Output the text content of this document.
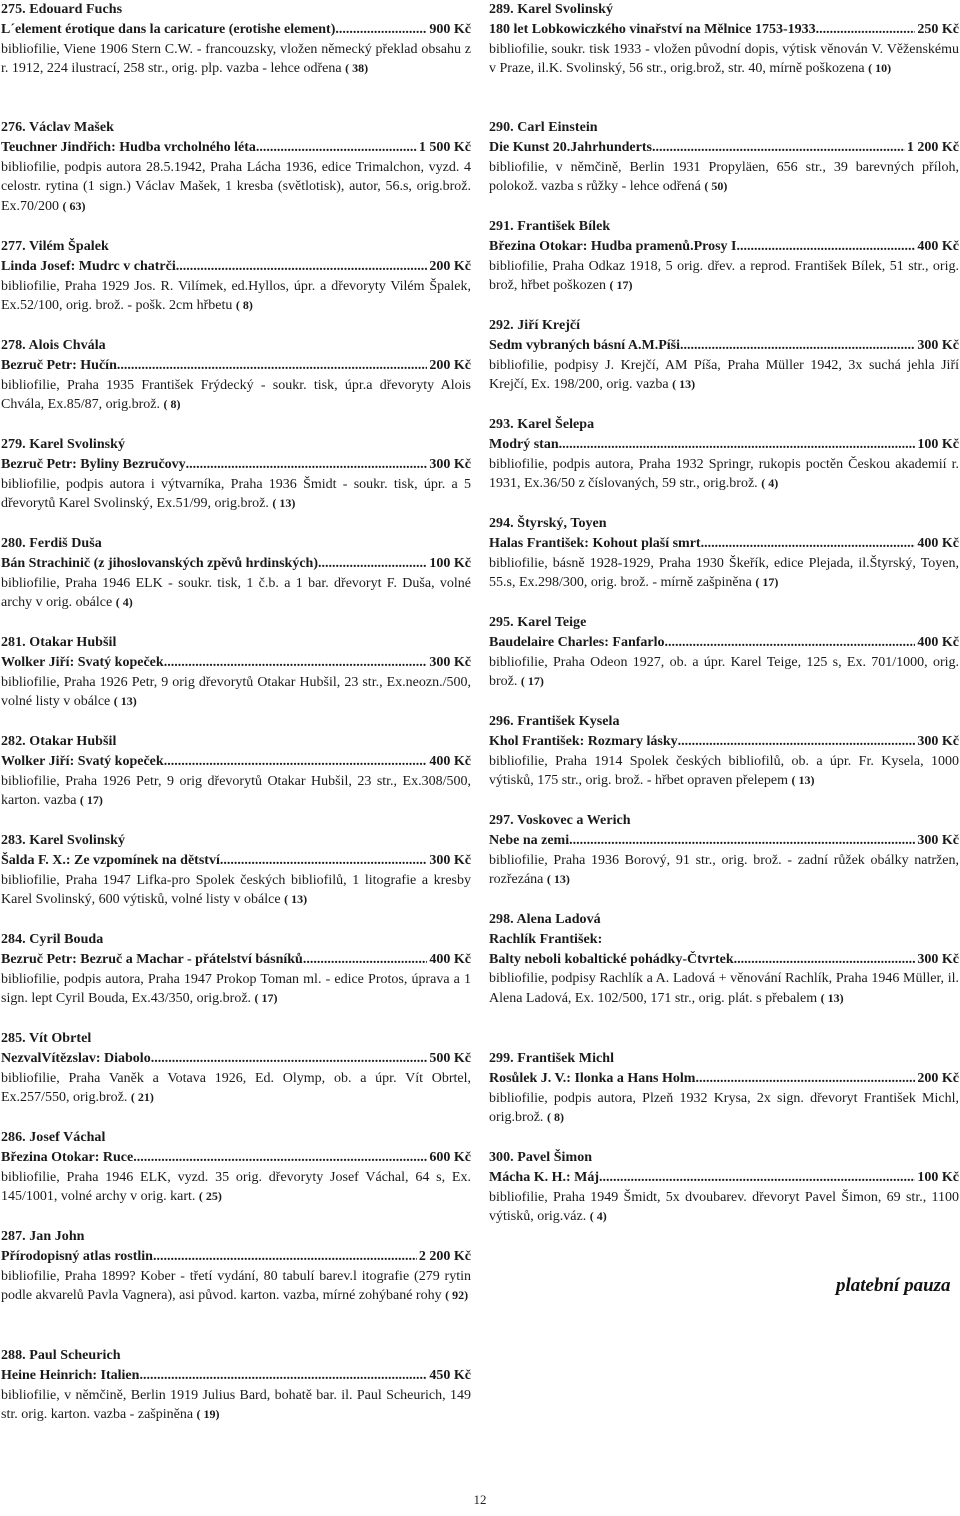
275. Edouard Fuchs
L´element érotique dans la caricature (erotishe element) .....	900 Kč
bibliofilie, Viene 1906 Stern C.W. - francouzsky, vložen německý překlad obsahu z r. 1912, 224 ilustrací, 258 str., orig. plp. vazba - lehce odřena ( 38 )
276. Václav Mašek
Teuchner Jindřich: Hudba vrcholného léta .....	1 500 Kč
bibliofilie, podpis autora 28.5.1942, Praha Lácha 1936, edice Trimalchon, vyzd. 4 celostr. rytina (1 sign.) Václav Mašek, 1 kresba (světlotisk), autor, 56.s, orig.brož. Ex.70/200 ( 63 )
277. Vilém Špalek
Linda Josef: Mudrc v chatrči .....	200 Kč
bibliofilie, Praha 1929 Jos. R. Vilímek, ed.Hyllos, úpr. a dřevoryty Vilém Špalek, Ex.52/100, orig. brož. - pošk. 2cm hřbetu ( 8 )
278. Alois Chvála
Bezruč Petr: Hučín .....	200 Kč
bibliofilie, Praha 1935 František Frýdecký - soukr. tisk, úpr.a dřevoryty Alois Chvála, Ex.85/87, orig.brož. ( 8 )
279. Karel Svolinský
Bezruč Petr: Byliny Bezručovy .....	300 Kč
bibliofilie, podpis autora i výtvarníka, Praha 1936 Šmidt - soukr. tisk, úpr. a 5 dřevorytů Karel Svolinský, Ex.51/99, orig.brož. ( 13 )
280. Ferdiš Duša
Bán Strachinič (z jihoslovanských zpěvů hrdinských) .....	100 Kč
bibliofilie, Praha 1946 ELK - soukr. tisk, 1 č.b. a 1 bar. dřevoryt F. Duša, volné archy v orig. obálce ( 4 )
281. Otakar Hubšil
Wolker Jiří: Svatý kopeček .....	300 Kč
bibliofilie, Praha 1926 Petr, 9 orig dřevorytů Otakar Hubšil, 23 str., Ex.neozn./500, volné listy v obálce ( 13 )
282. Otakar Hubšil
Wolker Jiří: Svatý kopeček .....	400 Kč
bibliofilie, Praha 1926 Petr, 9 orig dřevorytů Otakar Hubšil, 23 str., Ex.308/500, karton. vazba ( 17 )
283. Karel Svolinský
Šalda F. X.: Ze vzpomínek na dětství .....	300 Kč
bibliofilie, Praha 1947 Lifka-pro Spolek českých bibliofilů, 1 litografie a kresby Karel Svolinský, 600 výtisků, volné listy v obálce ( 13 )
284. Cyril Bouda
Bezruč Petr: Bezruč a Machar - přátelství básníků .....	400 Kč
bibliofilie, podpis autora, Praha 1947 Prokop Toman ml. - edice Protos, úprava a 1 sign. lept Cyril Bouda, Ex.43/350, orig.brož. ( 17 )
285. Vít Obrtel
NezvalVítězslav: Diabolo .....	500 Kč
bibliofilie, Praha Vaněk a Votava 1926, Ed. Olymp, ob. a úpr. Vít Obrtel, Ex.257/550, orig.brož. ( 21 )
286. Josef Váchal
Březina Otokar: Ruce .....	600 Kč
bibliofilie, Praha 1946 ELK, vyzd. 35 orig. dřevoryty Josef Váchal, 64 s, Ex. 145/1001, volné archy v orig. kart. ( 25 )
287. Jan John
Přírodopisný atlas rostlin .....	2 200 Kč
bibliofilie, Praha 1899? Kober - třetí vydání, 80 tabulí barev.l itografie (279 rytin podle akvarelů Pavla Vagnera), asi původ. karton. vazba, mírné zohýbané rohy ( 92 )
288. Paul Scheurich
Heine Heinrich: Italien .....	450 Kč
bibliofilie, v němčině, Berlin 1919 Julius Bard, bohatě bar. il. Paul Scheurich, 149 str. orig. karton. vazba - zašpiněna ( 19 )
289. Karel Svolinský
180 let Lobkowiczkého vinařství na Mělnice 1753-1933 .....	250 Kč
bibliofilie, soukr. tisk 1933 - vložen původní dopis, výtisk věnován V. Věženskému v Praze, il.K. Svolinský, 56 str., orig.brož, str. 40, mírně poškozena ( 10 )
290. Carl Einstein
Die Kunst 20.Jahrhunderts .....	1 200 Kč
bibliofilie, v němčině, Berlin 1931 Propyläen, 656 str., 39 barevných příloh, polokož. vazba s růžky - lehce odřená ( 50 )
291. František Bílek
Březina Otokar: Hudba pramenů.Prosy I. .....	400 Kč
bibliofilie, Praha Odkaz 1918, 5 orig. dřev. a reprod. František Bílek, 51 str., orig. brož, hřbet poškozen ( 17 )
292. Jiří Krejčí
Sedm vybraných básní A.M.Píši .....	300 Kč
bibliofilie, podpisy J. Krejčí, AM Píša, Praha Müller 1942, 3x suchá jehla Jiří Krejčí, Ex. 198/200, orig. vazba ( 13 )
293. Karel Šelepa
Modrý stan .....	100 Kč
bibliofilie, podpis autora, Praha 1932 Springr, rukopis poctěn Českou akademií r. 1931, Ex.36/50 z číslovaných, 59 str., orig.brož. ( 4 )
294. Štyrský, Toyen
Halas František: Kohout plaší smrt .....	400 Kč
bibliofilie, básně 1928-1929, Praha 1930 Škeřík, edice Plejada, il.Štyrský, Toyen, 55.s, Ex.298/300, orig. brož. - mírně zašpiněna ( 17 )
295. Karel Teige
Baudelaire Charles: Fanfarlo .....	400 Kč
bibliofilie, Praha Odeon 1927, ob. a úpr. Karel Teige, 125 s, Ex. 701/1000, orig. brož. ( 17 )
296. František Kysela
Khol František: Rozmary lásky .....	300 Kč
bibliofilie, Praha 1914 Spolek českých bibliofilů, ob. a úpr. Fr. Kysela, 1000 výtisků, 175 str., orig. brož. - hřbet opraven přelepem ( 13 )
297. Voskovec a Werich
Nebe na zemi .....	300 Kč
bibliofilie, Praha 1936 Borový, 91 str., orig. brož. - zadní růžek obálky natržen, rozřezána ( 13 )
298. Alena Ladová
Rachlík František:
Balty neboli kobaltické pohádky-Čtvrtek .....	300 Kč
bibliofilie, podpisy Rachlík a A. Ladová + věnování Rachlík, Praha 1946 Müller, il. Alena Ladová, Ex. 102/500, 171 str., orig. plát. s přebalem ( 13 )
299. František Michl
Rosůlek J. V.: Ilonka a Hans Holm .....	200 Kč
bibliofilie, podpis autora, Plzeň 1932 Krysa, 2x sign. dřevoryt František Michl, orig.brož. ( 8 )
300. Pavel Šimon
Mácha K. H.: Máj .....	100 Kč
bibliofilie, Praha 1949 Šmidt, 5x dvoubarev. dřevoryt Pavel Šimon, 69 str., 1100 výtisků, orig.váz. ( 4 )
platební pauza
12
